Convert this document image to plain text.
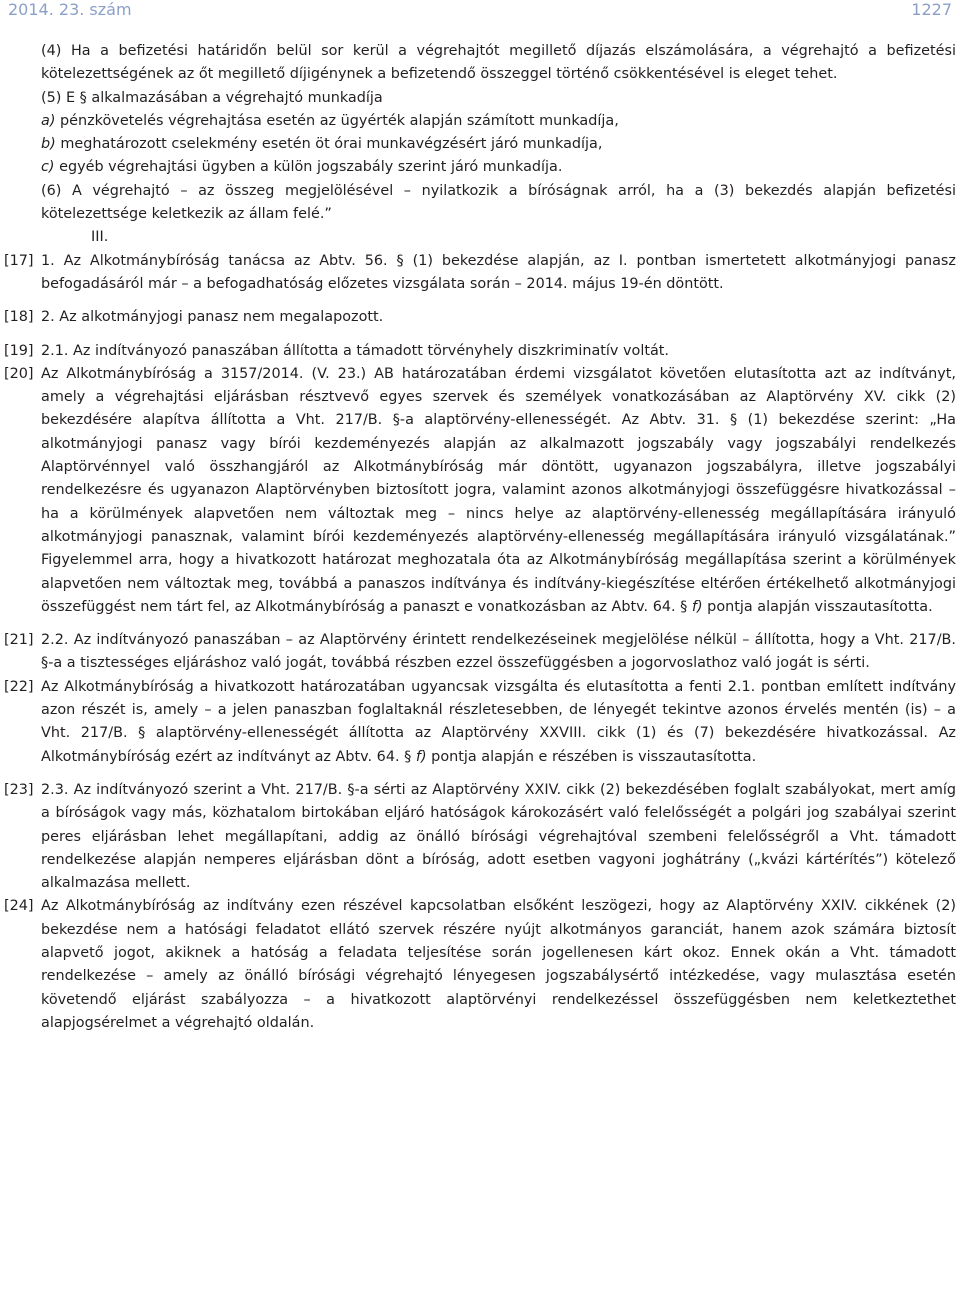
2014. 23. szám	1227

(4) Ha a befizetési határidőn belül sor kerül a végrehajtót megillető díjazás elszámolására, a végrehajtó a befizetési kötelezettségének az őt megillető díjigénynek a befizetendő összeggel történő csökkentésével is eleget tehet.

(5) E § alkalmazásában a végrehajtó munkadíja

a) pénzkövetelés végrehajtása esetén az ügyérték alapján számított munkadíja,

b) meghatározott cselekmény esetén öt órai munkavégzésért járó munkadíja,

c) egyéb végrehajtási ügyben a külön jogszabály szerint járó munkadíja.

(6) A végrehajtó – az összeg megjelölésével – nyilatkozik a bíróságnak arról, ha a (3) bekezdés alapján befizetési kötelezettsége keletkezik az állam felé.”

III.

[17] 1. Az Alkotmánybíróság tanácsa az Abtv. 56. § (1) bekezdése alapján, az I. pontban ismertetett alkotmányjogi panasz befogadásáról már – a befogadhatóság előzetes vizsgálata során – 2014. május 19-én döntött.

[18] 2. Az alkotmányjogi panasz nem megalapozott.

[19] 2.1. Az indítványozó panaszában állította a támadott törvényhely diszkriminatív voltát.

[20] Az Alkotmánybíróság a 3157/2014. (V. 23.) AB határozatában érdemi vizsgálatot követően elutasította azt az indítványt, amely a végrehajtási eljárásban résztvevő egyes szervek és személyek vonatkozásában az Alaptörvény XV. cikk (2) bekezdésére alapítva állította a Vht. 217/B. §-a alaptörvény-ellenességét. Az Abtv. 31. § (1) bekezdése szerint: „Ha alkotmányjogi panasz vagy bírói kezdeményezés alapján az alkalmazott jogszabály vagy jogszabályi rendelkezés Alaptörvénnyel való összhangjáról az Alkotmánybíróság már döntött, ugyanazon jogszabályra, illetve jogszabályi rendelkezésre és ugyanazon Alaptörvényben biztosított jogra, valamint azonos alkotmányjogi összefüggésre hivatkozással – ha a körülmények alapvetően nem változtak meg – nincs helye az alaptörvény-ellenesség megállapítására irányuló alkotmányjogi panasznak, valamint bírói kezdeményezés alaptörvény-ellenesség megállapítására irányuló vizsgálatának.” Figyelemmel arra, hogy a hivatkozott határozat meghozatala óta az Alkotmánybíróság megállapítása szerint a körülmények alapvetően nem változtak meg, továbbá a panaszos indítványa és indítvány-kiegészítése eltérően értékelhető alkotmányjogi összefüggést nem tárt fel, az Alkotmánybíróság a panaszt e vonatkozásban az Abtv. 64. § f) pontja alapján visszautasította.

[21] 2.2. Az indítványozó panaszában – az Alaptörvény érintett rendelkezéseinek megjelölése nélkül – állította, hogy a Vht. 217/B. §-a a tisztességes eljáráshoz való jogát, továbbá részben ezzel összefüggésben a jogorvoslathoz való jogát is sérti.

[22] Az Alkotmánybíróság a hivatkozott határozatában ugyancsak vizsgálta és elutasította a fenti 2.1. pontban említett indítvány azon részét is, amely – a jelen panaszban foglaltaknál részletesebben, de lényegét tekintve azonos érvelés mentén (is) – a Vht. 217/B. § alaptörvény-ellenességét állította az Alaptörvény XXVIII. cikk (1) és (7) bekezdésére hivatkozással. Az Alkotmánybíróság ezért az indítványt az Abtv. 64. § f) pontja alapján e részében is visszautasította.

[23] 2.3. Az indítványozó szerint a Vht. 217/B. §-a sérti az Alaptörvény XXIV. cikk (2) bekezdésében foglalt szabályokat, mert amíg a bíróságok vagy más, közhatalom birtokában eljáró hatóságok károkozásért való felelősségét a polgári jog szabályai szerint peres eljárásban lehet megállapítani, addig az önálló bírósági végrehajtóval szembeni felelősségről a Vht. támadott rendelkezése alapján nemperes eljárásban dönt a bíróság, adott esetben vagyoni joghátrány („kvázi kártérítés”) kötelező alkalmazása mellett.

[24] Az Alkotmánybíróság az indítvány ezen részével kapcsolatban elsőként leszögezi, hogy az Alaptörvény XXIV. cikkének (2) bekezdése nem a hatósági feladatot ellátó szervek részére nyújt alkotmányos garanciát, hanem azok számára biztosít alapvető jogot, akiknek a hatóság a feladata teljesítése során jogellenesen kárt okoz. Ennek okán a Vht. támadott rendelkezése – amely az önálló bírósági végrehajtó lényegesen jogszabálysértő intézkedése, vagy mulasztása esetén követendő eljárást szabályozza – a hivatkozott alaptörvényi rendelkezéssel összefüggésben nem keletkeztethet alapjogsérelmet a végrehajtó oldalán.
